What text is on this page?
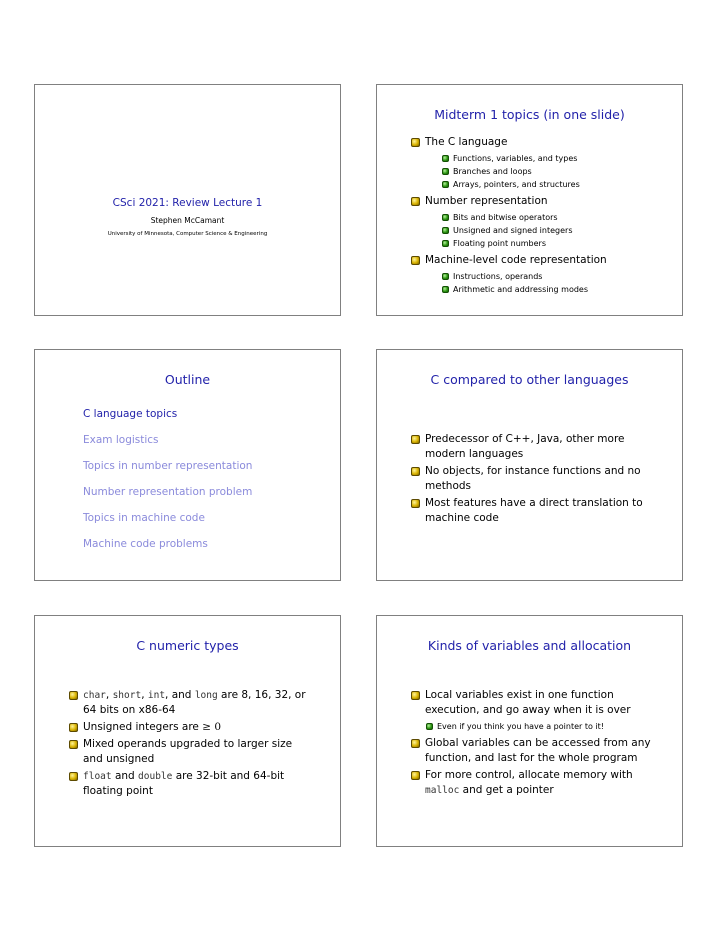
CSci 2021: Review Lecture 1
Stephen McCamant
University of Minnesota, Computer Science & Engineering
Midterm 1 topics (in one slide)
The C language
Functions, variables, and types
Branches and loops
Arrays, pointers, and structures
Number representation
Bits and bitwise operators
Unsigned and signed integers
Floating point numbers
Machine-level code representation
Instructions, operands
Arithmetic and addressing modes
Outline
C language topics
Exam logistics
Topics in number representation
Number representation problem
Topics in machine code
Machine code problems
C compared to other languages
Predecessor of C++, Java, other more modern languages
No objects, for instance functions and no methods
Most features have a direct translation to machine code
C numeric types
char, short, int, and long are 8, 16, 32, or 64 bits on x86-64
Unsigned integers are ≥ 0
Mixed operands upgraded to larger size and unsigned
float and double are 32-bit and 64-bit floating point
Kinds of variables and allocation
Local variables exist in one function execution, and go away when it is over
Even if you think you have a pointer to it!
Global variables can be accessed from any function, and last for the whole program
For more control, allocate memory with malloc and get a pointer
